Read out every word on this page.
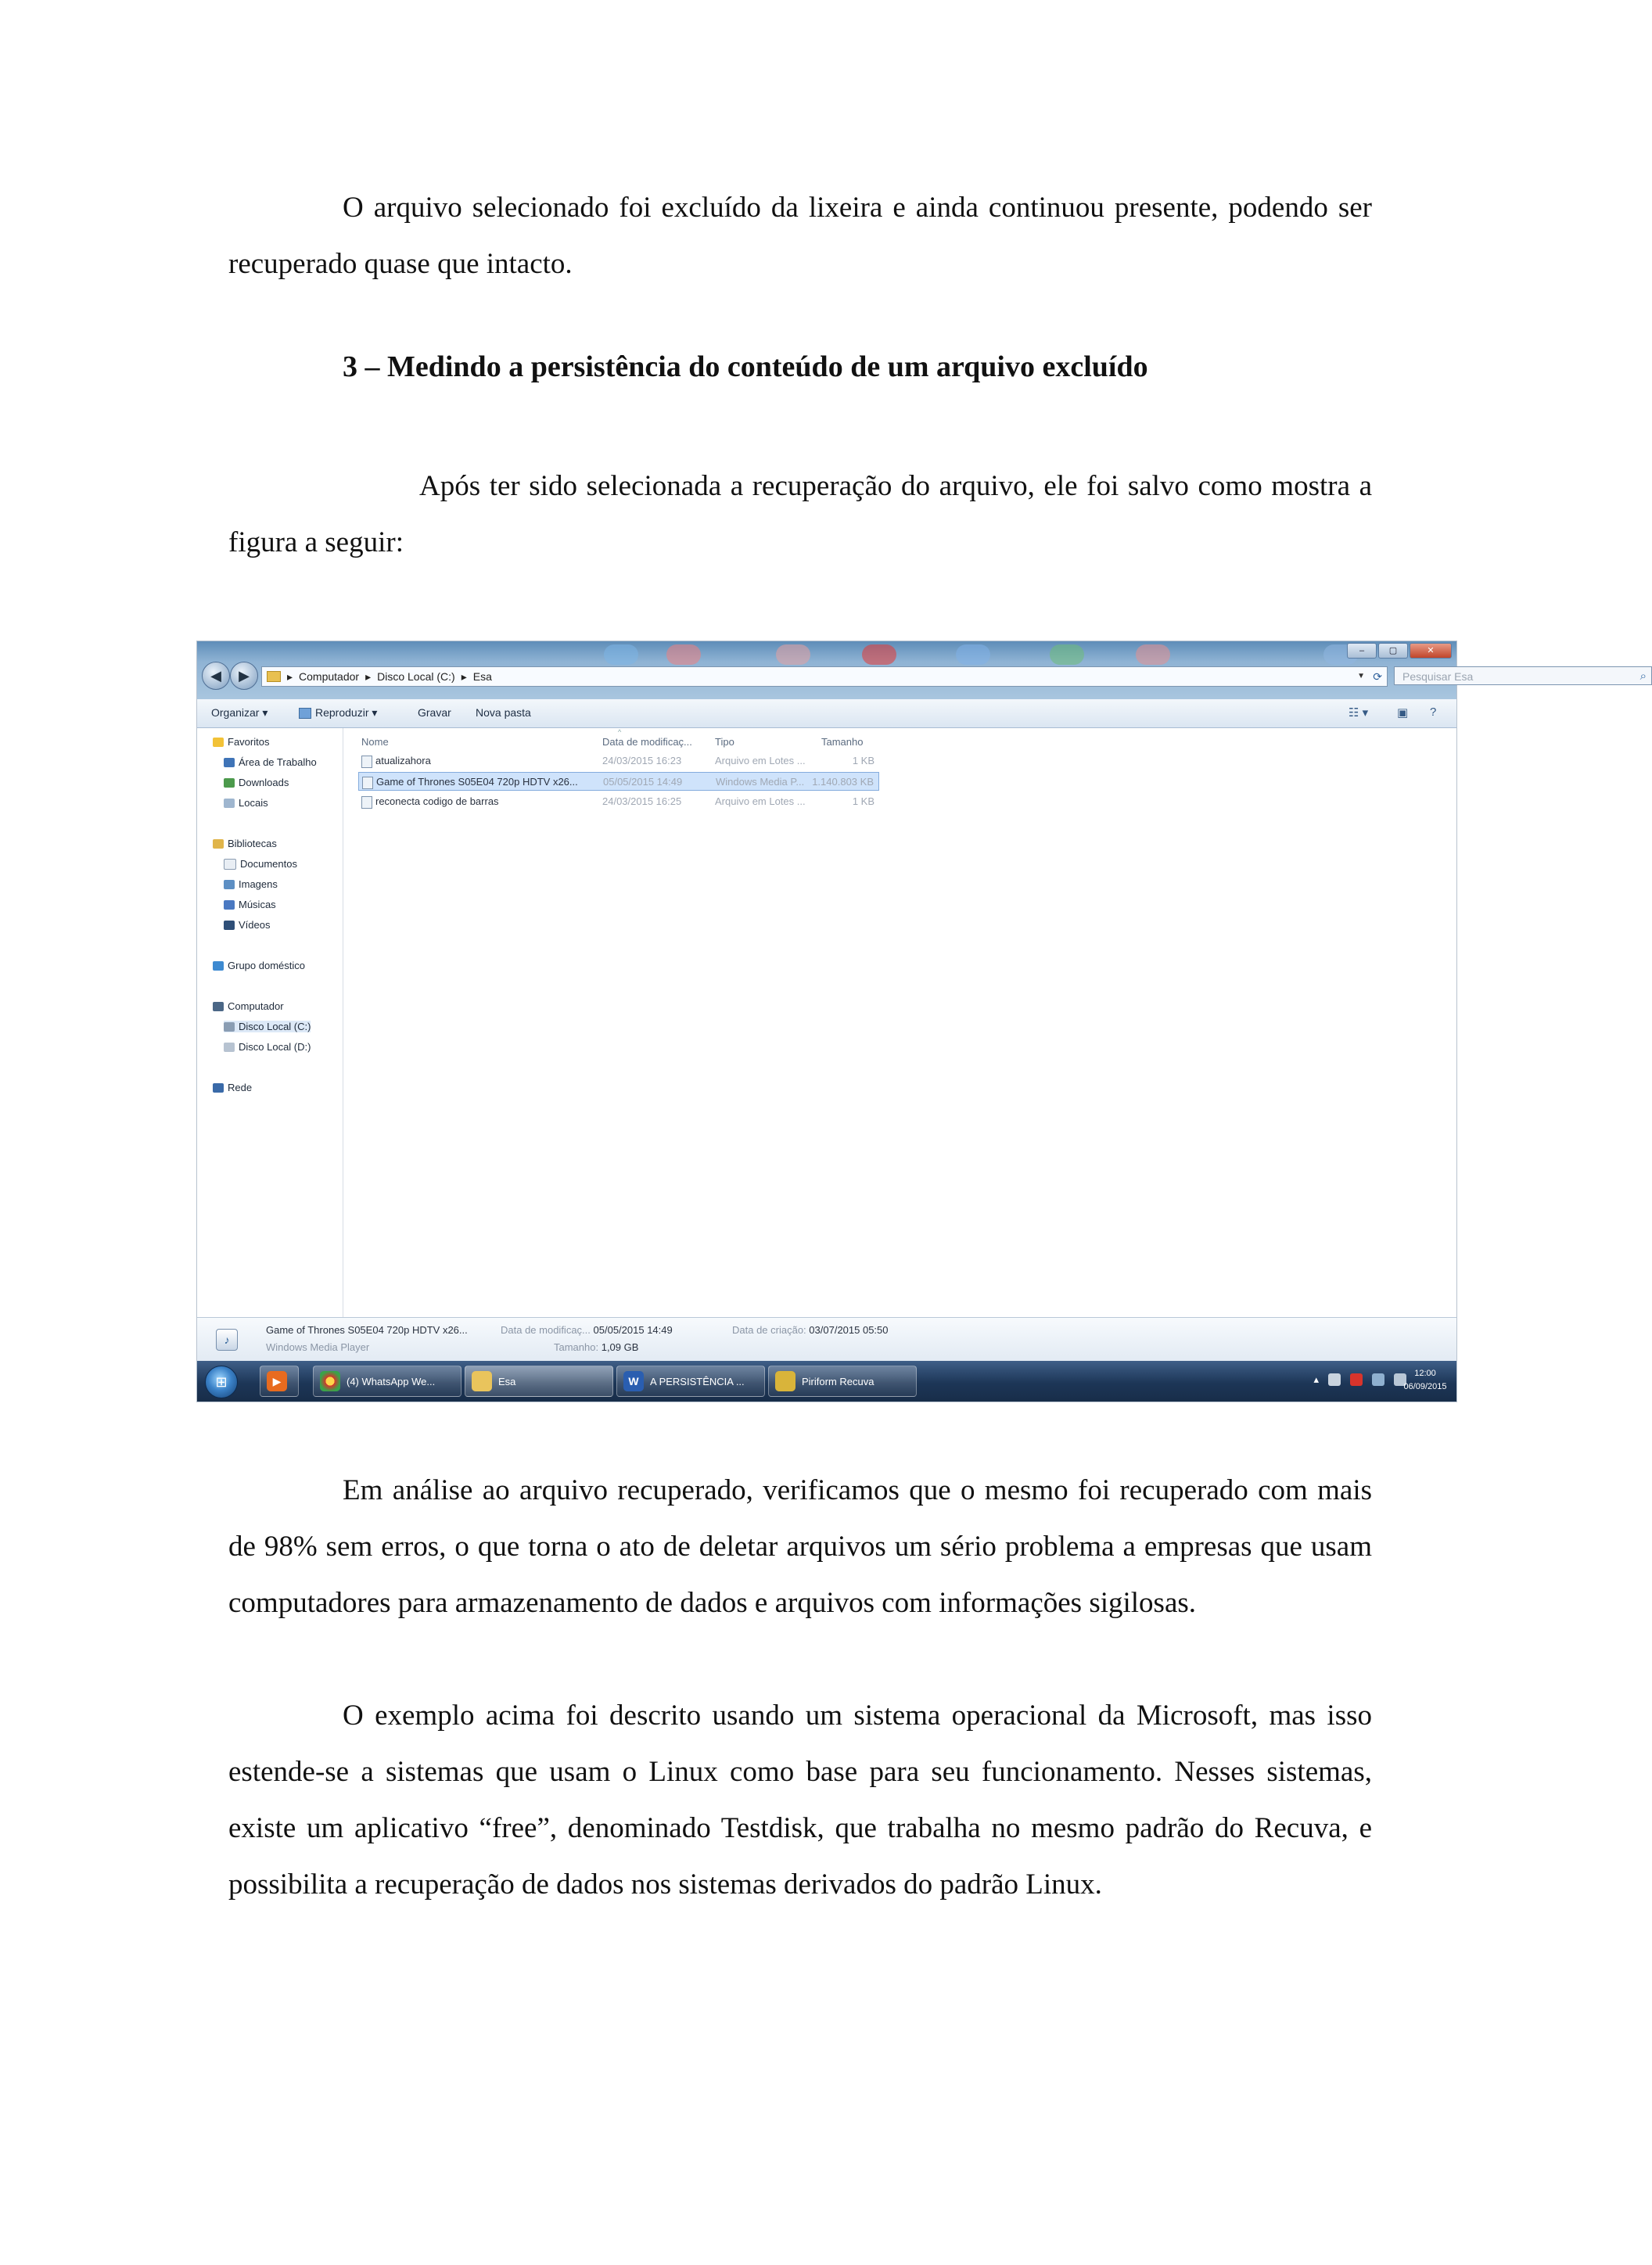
O arquivo selecionado foi excluído da lixeira e ainda continuou presente, podendo ser recuperado quase que intacto.

3 – Medindo a persistência do conteúdo de um arquivo excluído

Após ter sido selecionada a recuperação do arquivo, ele foi salvo como mostra a figura a seguir:

–	▢	✕
◀	▶	▸ Computador ▸ Disco Local (C:) ▸ Esa	▼ ⟳	Pesquisar Esa	⌕
Organizar ▾	Reproduzir ▾	Gravar Nova pasta	☷ ▾ ▣ ?
Favoritos
Área de Trabalho
Downloads
Locais
Bibliotecas
Documentos
Imagens
Músicas
Vídeos
Grupo doméstico
Computador
Disco Local (C:)
Disco Local (D:)
Rede
^
Nome	Data de modificaç... Tipo	Tamanho
atualizahora	24/03/2015 16:23	Arquivo em Lotes ...	1 KB
Game of Thrones S05E04 720p HDTV x26...	05/05/2015 14:49	Windows Media P... 1.140.803 KB
reconecta codigo de barras	24/03/2015 16:25	Arquivo em Lotes ...	1 KB
♪
Game of Thrones S05E04 720p HDTV x26...
Windows Media Player
Data de modificaç... 05/05/2015 14:49
Tamanho: 1,09 GB
Data de criação: 03/07/2015 05:50
⊞	▶	(4) WhatsApp We...	Esa	W	A PERSISTÊNCIA ...	Piriform Recuva	▴	12:00
06/09/2015

Em análise ao arquivo recuperado, verificamos que o mesmo foi recuperado com mais de 98% sem erros, o que torna o ato de deletar arquivos um sério problema a empresas que usam computadores para armazenamento de dados e arquivos com informações sigilosas.

O exemplo acima foi descrito usando um sistema operacional da Microsoft, mas isso estende-se a sistemas que usam o Linux como base para seu funcionamento. Nesses sistemas, existe um aplicativo “free”, denominado Testdisk, que trabalha no mesmo padrão do Recuva, e possibilita a recuperação de dados nos sistemas derivados do padrão Linux.
